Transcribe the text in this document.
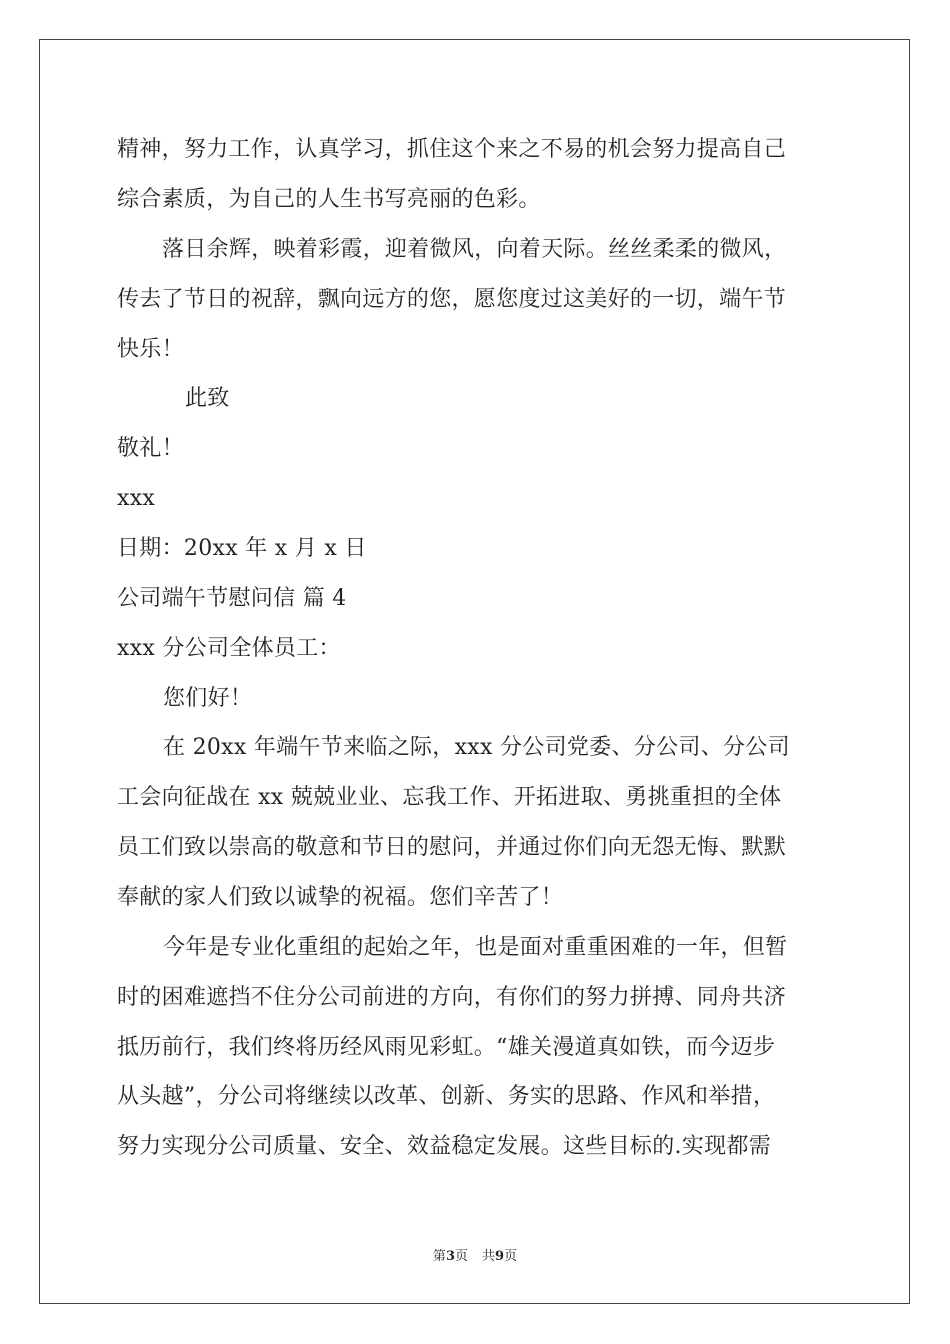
精神，努力工作，认真学习，抓住这个来之不易的机会努力提高自己
综合素质，为自己的人生书写亮丽的色彩。
落日余辉，映着彩霞，迎着微风，向着天际。丝丝柔柔的微风，
传去了节日的祝辞，飘向远方的您，愿您度过这美好的一切，端午节
快乐！
此致
敬礼！
xxx
日期：20xx 年 x 月 x 日
公司端午节慰问信 篇 4
xxx 分公司全体员工：
您们好！
在 20xx 年端午节来临之际，xxx 分公司党委、分公司、分公司
工会向征战在 xx 兢兢业业、忘我工作、开拓进取、勇挑重担的全体
员工们致以崇高的敬意和节日的慰问，并通过你们向无怨无悔、默默
奉献的家人们致以诚挚的祝福。您们辛苦了！
今年是专业化重组的起始之年，也是面对重重困难的一年，但暂
时的困难遮挡不住分公司前进的方向，有你们的努力拼搏、同舟共济
抵历前行，我们终将历经风雨见彩虹。“雄关漫道真如铁，而今迈步
从头越”，分公司将继续以改革、创新、务实的思路、作风和举措，
努力实现分公司质量、安全、效益稳定发展。这些目标的.实现都需
第3页 共9页
